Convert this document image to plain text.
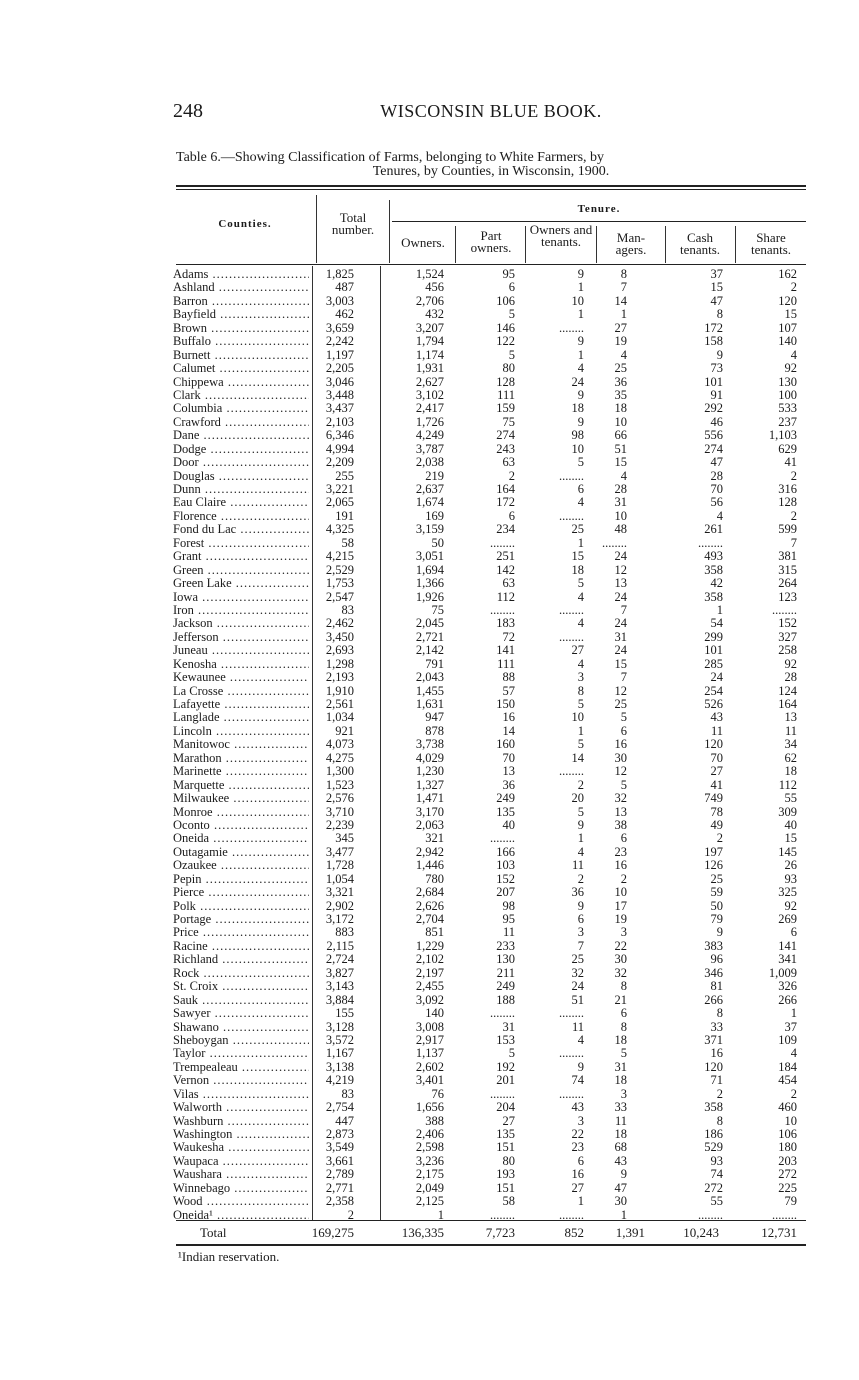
248	WISCONSIN BLUE BOOK.
Table 6.—Showing Classification of Farms, belonging to White Farmers, by
Tenures, by Counties, in Wisconsin, 1900.
Counties.	Total number.
Tenure.
Owners.	Part owners.
Owners and tenants.	Man- agers.
Cash tenants.
Share tenants.
Adams .....	1,825	1,524	95	9	8	37	162
Ashland .....	487	456	6	1	7	15	2
Barron .....	3,003	2,706	106	10 14	47	120
Bayfield .....	462	432	5	1	1	8	15
Brown .....	3,659	3,207	146	........ 27	172	107
Buffalo .....	2,242	1,794	122	9 19	158	140
Burnett .....	1,197	1,174	5	1	4	9	4
Calumet .....	2,205	1,931	80	4 25	73	92
Chippewa .....	3,046	2,627	128	24 36	101	130
Clark .....	3,448	3,102	111	9 35	91	100
Columbia .....	3,437	2,417	159	18 18	292	533
Crawford .....	2,103	1,726	75	9 10	46	237
Dane .....	6,346	4,249	274	98 66	556	1,103
Dodge .....	4,994	3,787	243	10 51	274	629
Door .....	2,209	2,038	63	5 15	47	41
Douglas .....	255	219	2	........	4	28	2
Dunn .....	3,221	2,637	164	6 28	70	316
Eau Claire .....	2,065	1,674	172	4 31	56	128
Florence .....	191	169	6	........ 10	4	2
Fond du Lac .....	4,325	3,159	234	25 48	261	599
Forest .....	58	50	........	1 ........	........	7
Grant .....	4,215	3,051	251	15 24	493	381
Green .....	2,529	1,694	142	18 12	358	315
Green Lake .....	1,753	1,366	63	5 13	42	264
Iowa .....	2,547	1,926	112	4 24	358	123
Iron .....	83	75	........	........	7	1	........
Jackson .....	2,462	2,045	183	4 24	54	152
Jefferson .....	3,450	2,721	72	........ 31	299	327
Juneau .....	2,693	2,142	141	27 24	101	258
Kenosha .....	1,298	791	111	4 15	285	92
Kewaunee .....	2,193	2,043	88	3	7	24	28
La Crosse .....	1,910	1,455	57	8 12	254	124
Lafayette .....	2,561	1,631	150	5 25	526	164
Langlade .....	1,034	947	16	10	5	43	13
Lincoln .....	921	878	14	1	6	11	11
Manitowoc .....	4,073	3,738	160	5 16	120	34
Marathon .....	4,275	4,029	70	14 30	70	62
Marinette .....	1,300	1,230	13	........ 12	27	18
Marquette .....	1,523	1,327	36	2	5	41	112
Milwaukee .....	2,576	1,471	249	20 32	749	55
Monroe .....	3,710	3,170	135	5 13	78	309
Oconto .....	2,239	2,063	40	9 38	49	40
Oneida .....	345	321	........	1	6	2	15
Outagamie .....	3,477	2,942	166	4 23	197	145
Ozaukee .....	1,728	1,446	103	11 16	126	26
Pepin .....	1,054	780	152	2	2	25	93
Pierce .....	3,321	2,684	207	36 10	59	325
Polk .....	2,902	2,626	98	9 17	50	92
Portage .....	3,172	2,704	95	6 19	79	269
Price .....	883	851	11	3	3	9	6
Racine .....	2,115	1,229	233	7 22	383	141
Richland .....	2,724	2,102	130	25 30	96	341
Rock .....	3,827	2,197	211	32 32	346	1,009
St. Croix .....	3,143	2,455	249	24	8	81	326
Sauk .....	3,884	3,092	188	51 21	266	266
Sawyer .....	155	140	........	........	6	8	1
Shawano .....	3,128	3,008	31	11	8	33	37
Sheboygan .....	3,572	2,917	153	4 18	371	109
Taylor .....	1,167	1,137	5	........	5	16	4
Trempealeau .....	3,138	2,602	192	9 31	120	184
Vernon .....	4,219	3,401	201	74 18	71	454
Vilas .....	83	76	........	........	3	2	2
Walworth .....	2,754	1,656	204	43 33	358	460
Washburn .....	447	388	27	3 11	8	10
Washington .....	2,873	2,406	135	22 18	186	106
Waukesha .....	3,549	2,598	151	23 68	529	180
Waupaca .....	3,661	3,236	80	6 43	93	203
Waushara .....	2,789	2,175	193	16	9	74	272
Winnebago .....	2,771	2,049	151	27 47	272	225
Wood .....	2,358	2,125	58	1 30	55	79
Oneida¹ .....	2	1	........	........	1	........	........
Total	169,275	136,335	7,723	852 1,391	10,243	12,731
¹Indian reservation.
